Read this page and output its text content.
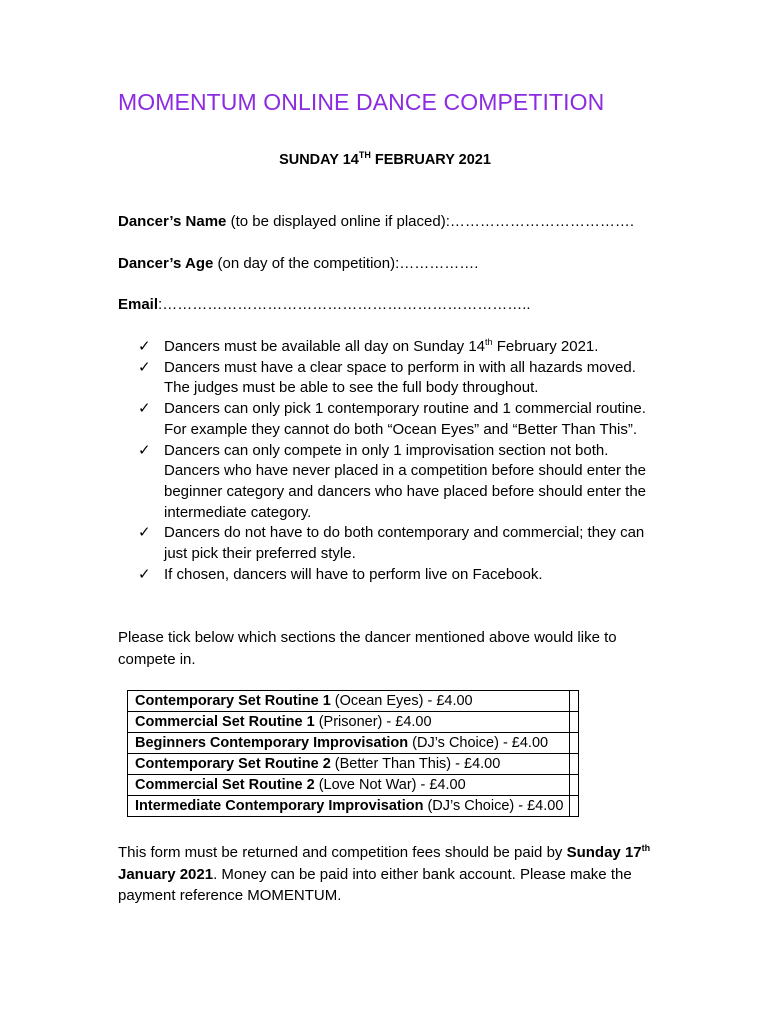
MOMENTUM ONLINE DANCE COMPETITION
SUNDAY 14TH FEBRUARY 2021
Dancer’s Name (to be displayed online if placed):……………………………….
Dancer’s Age (on day of the competition):…………….
Email:………………………………………………………………..
✓ Dancers must be available all day on Sunday 14th February 2021.
✓ Dancers must have a clear space to perform in with all hazards moved. The judges must be able to see the full body throughout.
✓ Dancers can only pick 1 contemporary routine and 1 commercial routine. For example they cannot do both “Ocean Eyes” and “Better Than This”.
✓ Dancers can only compete in only 1 improvisation section not both. Dancers who have never placed in a competition before should enter the beginner category and dancers who have placed before should enter the intermediate category.
✓ Dancers do not have to do both contemporary and commercial; they can just pick their preferred style.
✓ If chosen, dancers will have to perform live on Facebook.
Please tick below which sections the dancer mentioned above would like to compete in.
Contemporary Set Routine 1 (Ocean Eyes) - £4.00	
Commercial Set Routine 1 (Prisoner) - £4.00	
Beginners Contemporary Improvisation (DJ’s Choice) - £4.00	
Contemporary Set Routine 2 (Better Than This) - £4.00	
Commercial Set Routine 2 (Love Not War) - £4.00	
Intermediate Contemporary Improvisation (DJ’s Choice) - £4.00	
This form must be returned and competition fees should be paid by Sunday 17th January 2021. Money can be paid into either bank account. Please make the payment reference MOMENTUM.
